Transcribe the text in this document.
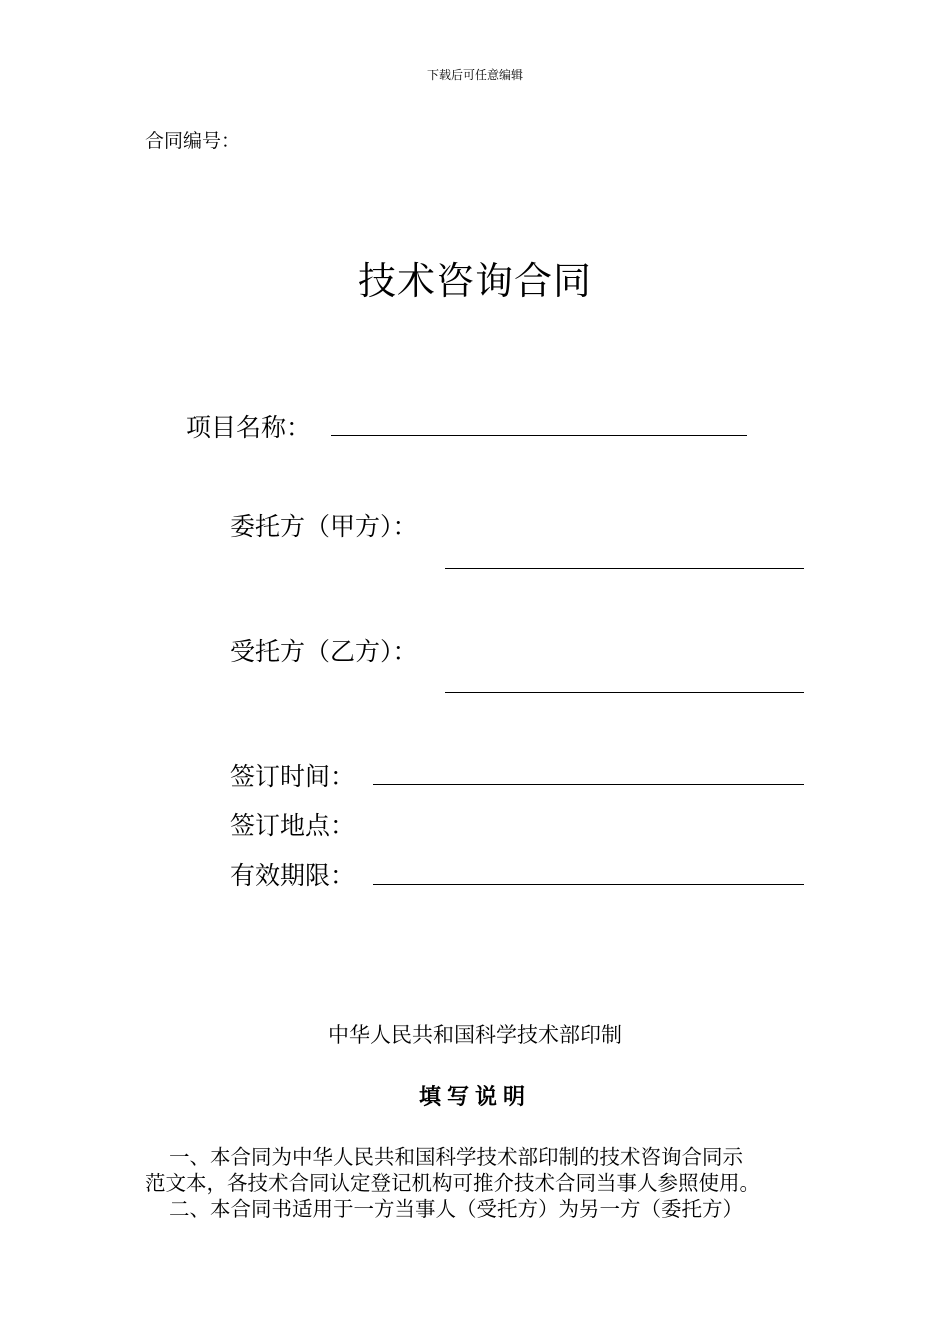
下载后可任意编辑
合同编号：
技术咨询合同
项目名称：
委托方（甲方）：
受托方（乙方）：
签订时间：
签订地点：
有效期限：
中华人民共和国科学技术部印制
填写说明
一、本合同为中华人民共和国科学技术部印制的技术咨询合同示
范文本，各技术合同认定登记机构可推介技术合同当事人参照使用。
二、本合同书适用于一方当事人（受托方）为另一方（委托方）
